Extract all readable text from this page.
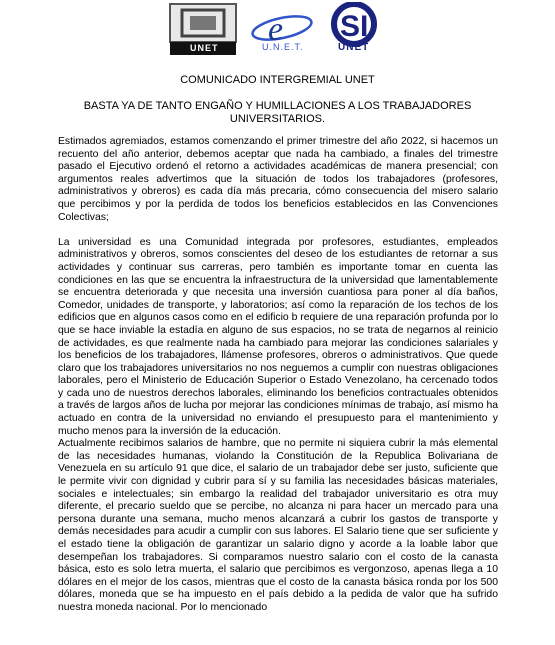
UNET e
U.N.E.T.
SI
UNET
COMUNICADO INTERGREMIAL UNET
BASTA YA DE TANTO ENGAÑO Y HUMILLACIONES A LOS TRABAJADORES
UNIVERSITARIOS.

Estimados agremiados, estamos comenzando el primer trimestre del año 2022, si hacemos un recuento del año anterior, debemos aceptar que nada ha cambiado, a finales del trimestre pasado el Ejecutivo ordenó el retorno a actividades académicas de manera presencial; con argumentos reales advertimos que la situación de todos los trabajadores (profesores, administrativos y obreros) es cada día más precaria, cómo consecuencia del misero salario que percibimos y por la perdida de todos los beneficios establecidos en las Convenciones Colectivas;

La universidad es una Comunidad integrada por profesores, estudiantes, empleados administrativos y obreros, somos conscientes del deseo de los estudiantes de retornar a sus actividades y continuar sus carreras, pero también es importante tomar en cuenta las condiciones en las que se encuentra la infraestructura de la universidad que lamentablemente se encuentra deteriorada y que necesita una inversión cuantiosa para poner al día baños, Comedor, unidades de transporte, y laboratorios; así como la reparación de los techos de los edificios que en algunos casos como en el edificio b requiere de una reparación profunda por lo que se hace inviable la estadía en alguno de sus espacios, no se trata de negarnos al reinicio de actividades, es que realmente nada ha cambiado para mejorar las condiciones salariales y los beneficios de los trabajadores, llámense profesores, obreros o administrativos. Que quede claro que los trabajadores universitarios no nos neguemos a cumplir con nuestras obligaciones laborales, pero el Ministerio de Educación Superior o Estado Venezolano, ha cercenado todos y cada uno de nuestros derechos laborales, eliminando los beneficios contractuales obtenidos a través de largos años de lucha por mejorar las condiciones mínimas de trabajo, así mismo ha actuado en contra de la universidad no enviando el presupuesto para el mantenimiento y mucho menos para la inversión de la educación.

Actualmente recibimos salarios de hambre, que no permite ni siquiera cubrir la más elemental de las necesidades humanas, violando la Constitución de la Republica Bolivariana de Venezuela en su artículo 91 que dice, el salario de un trabajador debe ser justo, suficiente que le permite vivir con dignidad y cubrir para sí y su familia las necesidades básicas materiales, sociales e intelectuales; sin embargo la realidad del trabajador universitario es otra muy diferente, el precario sueldo que se percibe, no alcanza ni para hacer un mercado para una persona durante una semana, mucho menos alcanzará a cubrir los gastos de transporte y demás necesidades para acudir a cumplir con sus labores. El Salario tiene que ser suficiente y el estado tiene la obligación de garantizar un salario digno y acorde a la loable labor que desempeñan los trabajadores. Si comparamos nuestro salario con el costo de la canasta básica, esto es solo letra muerta, el salario que percibimos es vergonzoso, apenas llega a 10 dólares en el mejor de los casos, mientras que el costo de la canasta básica ronda por los 500 dólares, moneda que se ha impuesto en el país debido a la pedida de valor que ha sufrido nuestra moneda nacional. Por lo mencionado
